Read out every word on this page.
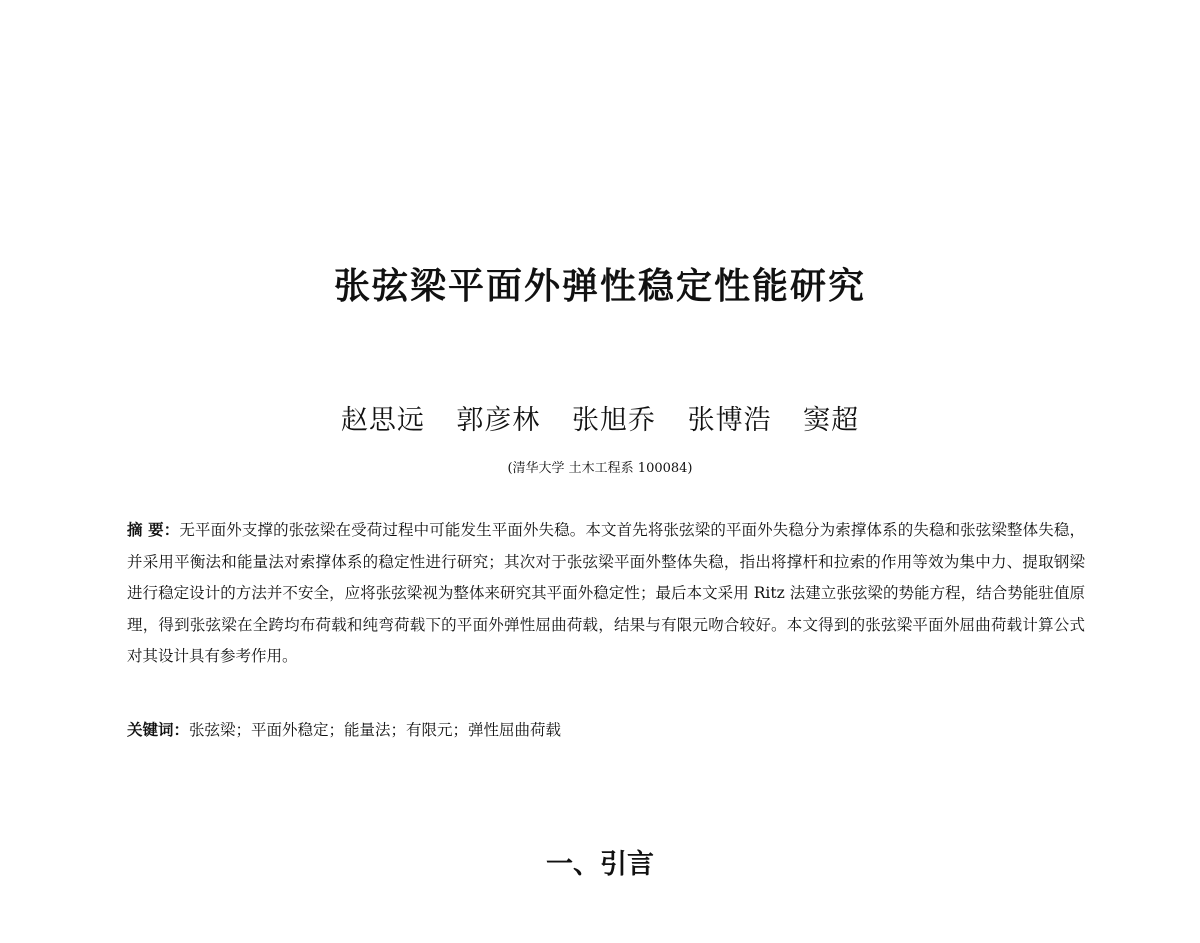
张弦梁平面外弹性稳定性能研究
赵思远 郭彦林 张旭乔 张博浩 窦超
(清华大学 土木工程系 100084)

摘 要：无平面外支撑的张弦梁在受荷过程中可能发生平面外失稳。本文首先将张弦梁的平面外失稳分为索撑体系的失稳和张弦梁整体失稳，并采用平衡法和能量法对索撑体系的稳定性进行研究；其次对于张弦梁平面外整体失稳，指出将撑杆和拉索的作用等效为集中力、提取钢梁进行稳定设计的方法并不安全，应将张弦梁视为整体来研究其平面外稳定性；最后本文采用 Ritz 法建立张弦梁的势能方程，结合势能驻值原理，得到张弦梁在全跨均布荷载和纯弯荷载下的平面外弹性屈曲荷载，结果与有限元吻合较好。本文得到的张弦梁平面外屈曲荷载计算公式对其设计具有参考作用。

关键词：张弦梁；平面外稳定；能量法；有限元；弹性屈曲荷载

一、引言
